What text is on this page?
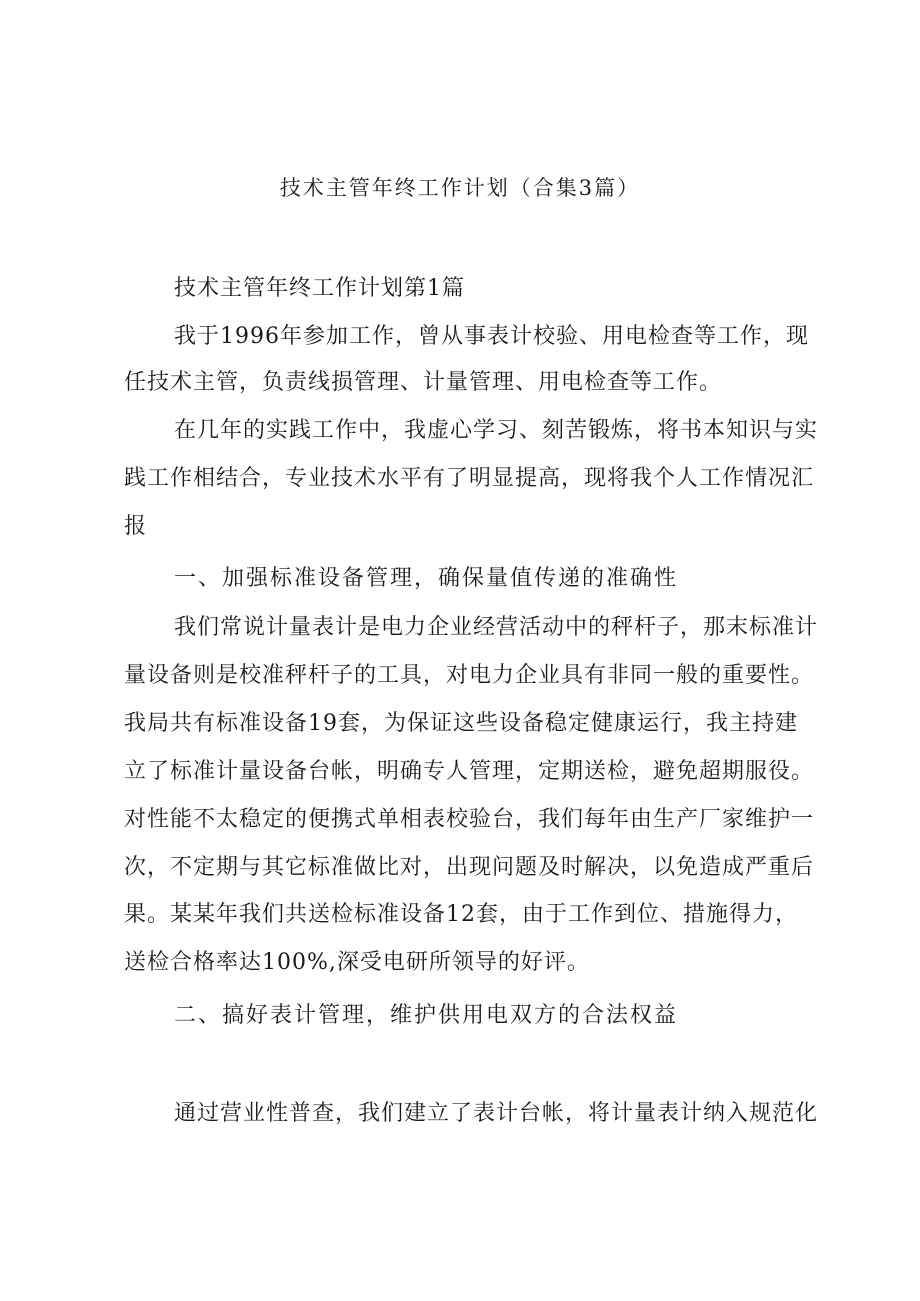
技术主管年终工作计划（合集3篇）
技术主管年终工作计划第1篇
我于1996年参加工作，曾从事表计校验、用电检查等工作，现
任技术主管，负责线损管理、计量管理、用电检查等工作。
在几年的实践工作中，我虚心学习、刻苦锻炼，将书本知识与实
践工作相结合，专业技术水平有了明显提高，现将我个人工作情况汇
报
一、加强标准设备管理，确保量值传递的准确性
我们常说计量表计是电力企业经营活动中的秤杆子，那末标准计
量设备则是校准秤杆子的工具，对电力企业具有非同一般的重要性。
我局共有标准设备19套，为保证这些设备稳定健康运行，我主持建
立了标准计量设备台帐，明确专人管理，定期送检，避免超期服役。
对性能不太稳定的便携式单相表校验台，我们每年由生产厂家维护一
次，不定期与其它标准做比对，出现问题及时解决，以免造成严重后
果。某某年我们共送检标准设备12套，由于工作到位、措施得力，
送检合格率达100%,深受电研所领导的好评。
二、搞好表计管理，维护供用电双方的合法权益
通过营业性普查，我们建立了表计台帐，将计量表计纳入规范化
